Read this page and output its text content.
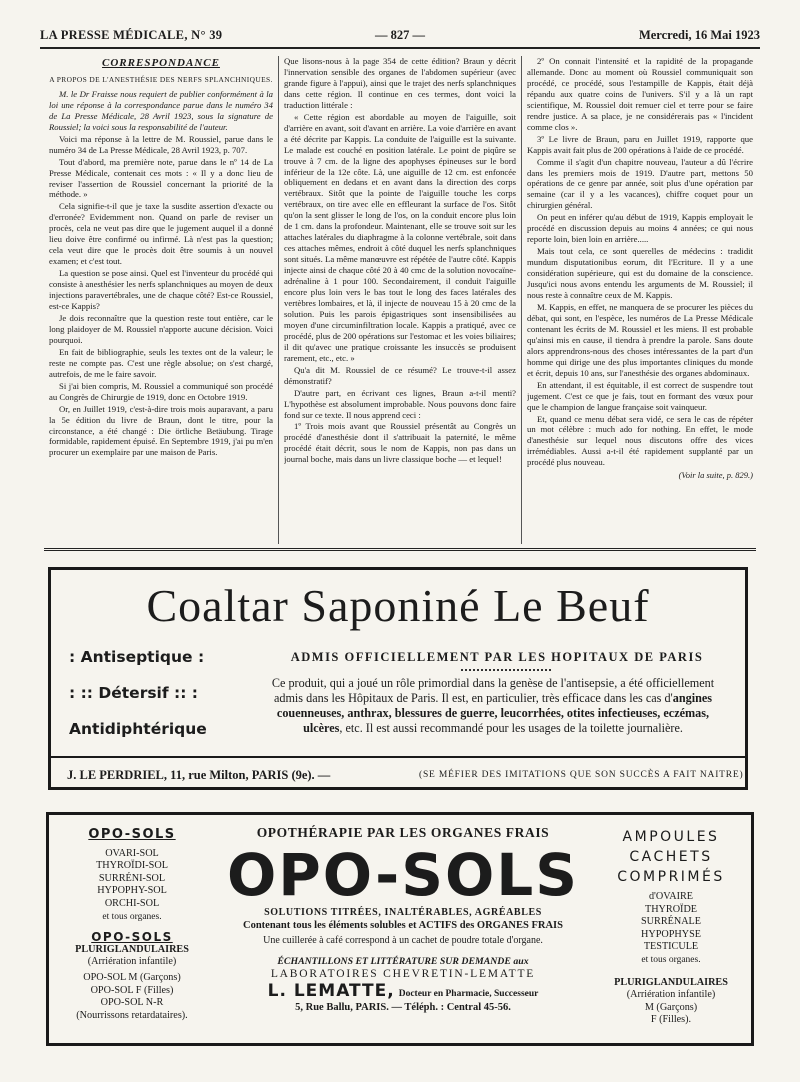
LA PRESSE MÉDICALE, N° 39	— 827 —	Mercredi, 16 Mai 1923
CORRESPONDANCE
A PROPOS DE L'ANESTHÉSIE DES NERFS SPLANCHNIQUES.

M. le Dr Fraisse nous requiert de publier conformément à la loi une réponse à la correspondance parue dans le numéro 34 de La Presse Médicale, 28 Avril 1923, sous la signature de Roussiel; la voici sous la responsabilité de l'auteur.

Voici ma réponse à la lettre de M. Roussiel, parue dans le numéro 34 de La Presse Médicale, 28 Avril 1923, p. 707.

Tout d'abord, ma première note, parue dans le nº 14 de La Presse Médicale, contenait ces mots : « Il y a donc lieu de reviser l'assertion de Roussiel concernant la priorité de la méthode. »

Cela signifie-t-il que je taxe la susdite assertion d'exacte ou d'erronée? Evidemment non. Quand on parle de reviser un procès, cela ne veut pas dire que le jugement auquel il a donné lieu doive être confirmé ou infirmé. Là n'est pas la question; cela veut dire que le procès doit être soumis à un nouvel examen; et c'est tout.

La question se pose ainsi. Quel est l'inventeur du procédé qui consiste à anesthésier les nerfs splanchniques au moyen de deux injections paravertébrales, une de chaque côté? Est-ce Roussiel, est-ce Kappis?

Je dois reconnaître que la question reste tout entière, car le long plaidoyer de M. Roussiel n'apporte aucune décision. Voici pourquoi.

En fait de bibliographie, seuls les textes ont de la valeur; le reste ne compte pas. C'est une règle absolue; on s'est chargé, autrefois, de me le faire savoir.

Si j'ai bien compris, M. Roussiel a communiqué son procédé au Congrès de Chirurgie de 1919, donc en Octobre 1919.

Or, en Juillet 1919, c'est-à-dire trois mois auparavant, a paru la 5e édition du livre de Braun, dont le titre, pour la circonstance, a été changé : Die örtliche Betäubung. Tirage formidable, rapidement épuisé. En Septembre 1919, j'ai pu m'en procurer un exemplaire par une maison de Paris.

Que lisons-nous à la page 354 de cette édition? Braun y décrit l'innervation sensible des organes de l'abdomen supérieur (avec grande figure à l'appui), ainsi que le trajet des nerfs splanchniques dans cette région. Il continue en ces termes, dont voici la traduction littérale :

« Cette région est abordable au moyen de l'aiguille, soit d'arrière en avant, soit d'avant en arrière. La voie d'arrière en avant a été décrite par Kappis. La conduite de l'aiguille est la suivante. Le malade est couché en position latérale. Le point de piqûre se trouve à 7 cm. de la ligne des apophyses épineuses sur le bord inférieur de la 12e côte. Là, une aiguille de 12 cm. est enfoncée obliquement en dedans et en avant dans la direction des corps vertébraux. Sitôt que la pointe de l'aiguille touche les corps vertébraux, on tire avec elle en effleurant la surface de l'os. Sitôt qu'on la sent glisser le long de l'os, on la conduit encore plus loin de 1 cm. dans la profondeur. Maintenant, elle se trouve soit sur les attaches latérales du diaphragme à la colonne vertébrale, soit dans ces attaches mêmes, endroit à côté duquel les nerfs splanchniques sont situés. La même manœuvre est répétée de l'autre côté. Kappis injecte ainsi de chaque côté 20 à 40 cmc de la solution novocaïne-adrénaline à 1 pour 100. Secondairement, il conduit l'aiguille encore plus loin vers le bas tout le long des faces latérales des vertèbres lombaires, et là, il injecte de nouveau 15 à 20 cmc de la solution. Puis les parois épigastriques sont insensibilisées au moyen d'une circuminfiltration locale. Kappis a pratiqué, avec ce procédé, plus de 200 opérations sur l'estomac et les voies biliaires; il dit qu'avec une pratique croissante les insuccès se produisent rarement, etc., etc. »

Qu'a dit M. Roussiel de ce résumé? Le trouve-t-il assez démonstratif?

D'autre part, en écrivant ces lignes, Braun a-t-il menti? L'hypothèse est absolument improbable. Nous pouvons donc faire fond sur ce texte. Il nous apprend ceci :

1º Trois mois avant que Roussiel présentât au Congrès un procédé d'anesthésie dont il s'attribuait la paternité, le même procédé était décrit, sous le nom de Kappis, non pas dans un journal boche, mais dans un livre classique boche — et lequel!

2º On connait l'intensité et la rapidité de la propagande allemande. Donc au moment où Roussiel communiquait son procédé, ce procédé, sous l'estampille de Kappis, était déjà répandu aux quatre coins de l'univers. S'il y a là un rapt scientifique, M. Roussiel doit remuer ciel et terre pour se faire rendre justice. A sa place, je ne considérerais pas « l'incident comme clos ».

3º Le livre de Braun, paru en Juillet 1919, rapporte que Kappis avait fait plus de 200 opérations à l'aide de ce procédé.

Comme il s'agit d'un chapitre nouveau, l'auteur a dû l'écrire dans les premiers mois de 1919. D'autre part, mettons 50 opérations de ce genre par année, soit plus d'une opération par semaine (car il y a les vacances), chiffre coquet pour un chirurgien général.

On peut en inférer qu'au début de 1919, Kappis employait le procédé en discussion depuis au moins 4 années; ce qui nous reporte loin, bien loin en arrière.....

Mais tout cela, ce sont querelles de médecins : tradidit mundum disputationibus eorum, dit l'Ecriture. Il y a une considération supérieure, qui est du domaine de la conscience. Jusqu'ici nous avons entendu les arguments de M. Roussiel; il nous reste à connaître ceux de M. Kappis.

M. Kappis, en effet, ne manquera de se procurer les pièces du débat, qui sont, en l'espèce, les numéros de La Presse Médicale contenant les écrits de M. Roussiel et les miens. Il est probable qu'ainsi mis en cause, il tiendra à prendre la parole. Sans doute alors apprendrons-nous des choses intéressantes de la part d'un homme qui dirige une des plus importantes cliniques du monde et écrit, depuis 10 ans, sur l'anesthésie des organes abdominaux.

En attendant, il est équitable, il est correct de suspendre tout jugement. C'est ce que je fais, tout en formant des vœux pour que le champion de langue française soit vainqueur.

Et, quand ce menu débat sera vidé, ce sera le cas de répéter un mot célèbre : much ado for nothing. En effet, le mode d'anesthésie sur lequel nous discutons offre des vices irrémédiables. Aussi a-t-il été rapidement supplanté par un procédé plus nouveau.

(Voir la suite, p. 829.)
Coaltar Saponiné Le Beuf
: Antiseptique :
: :: Détersif :: :
Antidiphtérique
ADMIS OFFICIELLEMENT PAR LES HOPITAUX DE PARIS
Ce produit, qui a joué un rôle primordial dans la genèse de l'antisepsie, a été officiellement admis dans les Hôpitaux de Paris. Il est, en particulier, très efficace dans les cas d'angines couenneuses, anthrax, blessures de guerre, leucorrhées, otites infectieuses, eczémas, ulcères, etc. Il est aussi recommandé pour les usages de la toilette journalière.
J. LE PERDRIEL, 11, rue Milton, PARIS (9e). —	(SE MÉFIER DES IMITATIONS QUE SON SUCCÈS A FAIT NAITRE)
OPO-SOLS
OVARI-SOL
THYROÏDI-SOL
SURRÉNI-SOL
HYPOPHY-SOL
ORCHI-SOL
et tous organes.
OPO-SOLS
PLURIGLANDULAIRES
(Arriération infantile)
OPO-SOL M (Garçons)
OPO-SOL F (Filles)
OPO-SOL N-R
(Nourrissons retardataires).
OPOTHÉRAPIE PAR LES ORGANES FRAIS
OPO-SOLS
SOLUTIONS TITRÉES, INALTÉRABLES, AGRÉABLES
Contenant tous les éléments solubles et ACTIFS des ORGANES FRAIS
Une cuillerée à café correspond à un cachet de poudre totale d'organe.
ÉCHANTILLONS ET LITTÉRATURE SUR DEMANDE aux
LABORATOIRES CHEVRETIN-LEMATTE
L. LEMATTE, Docteur en Pharmacie, Successeur
5, Rue Ballu, PARIS. — Téléph. : Central 45-56.
AMPOULES
CACHETS
COMPRIMÉS
d'OVAIRE
THYROÏDE
SURRÉNALE
HYPOPHYSE
TESTICULE
et tous organes.
PLURIGLANDULAIRES
(Arriération infantile)
M (Garçons)
F (Filles).
